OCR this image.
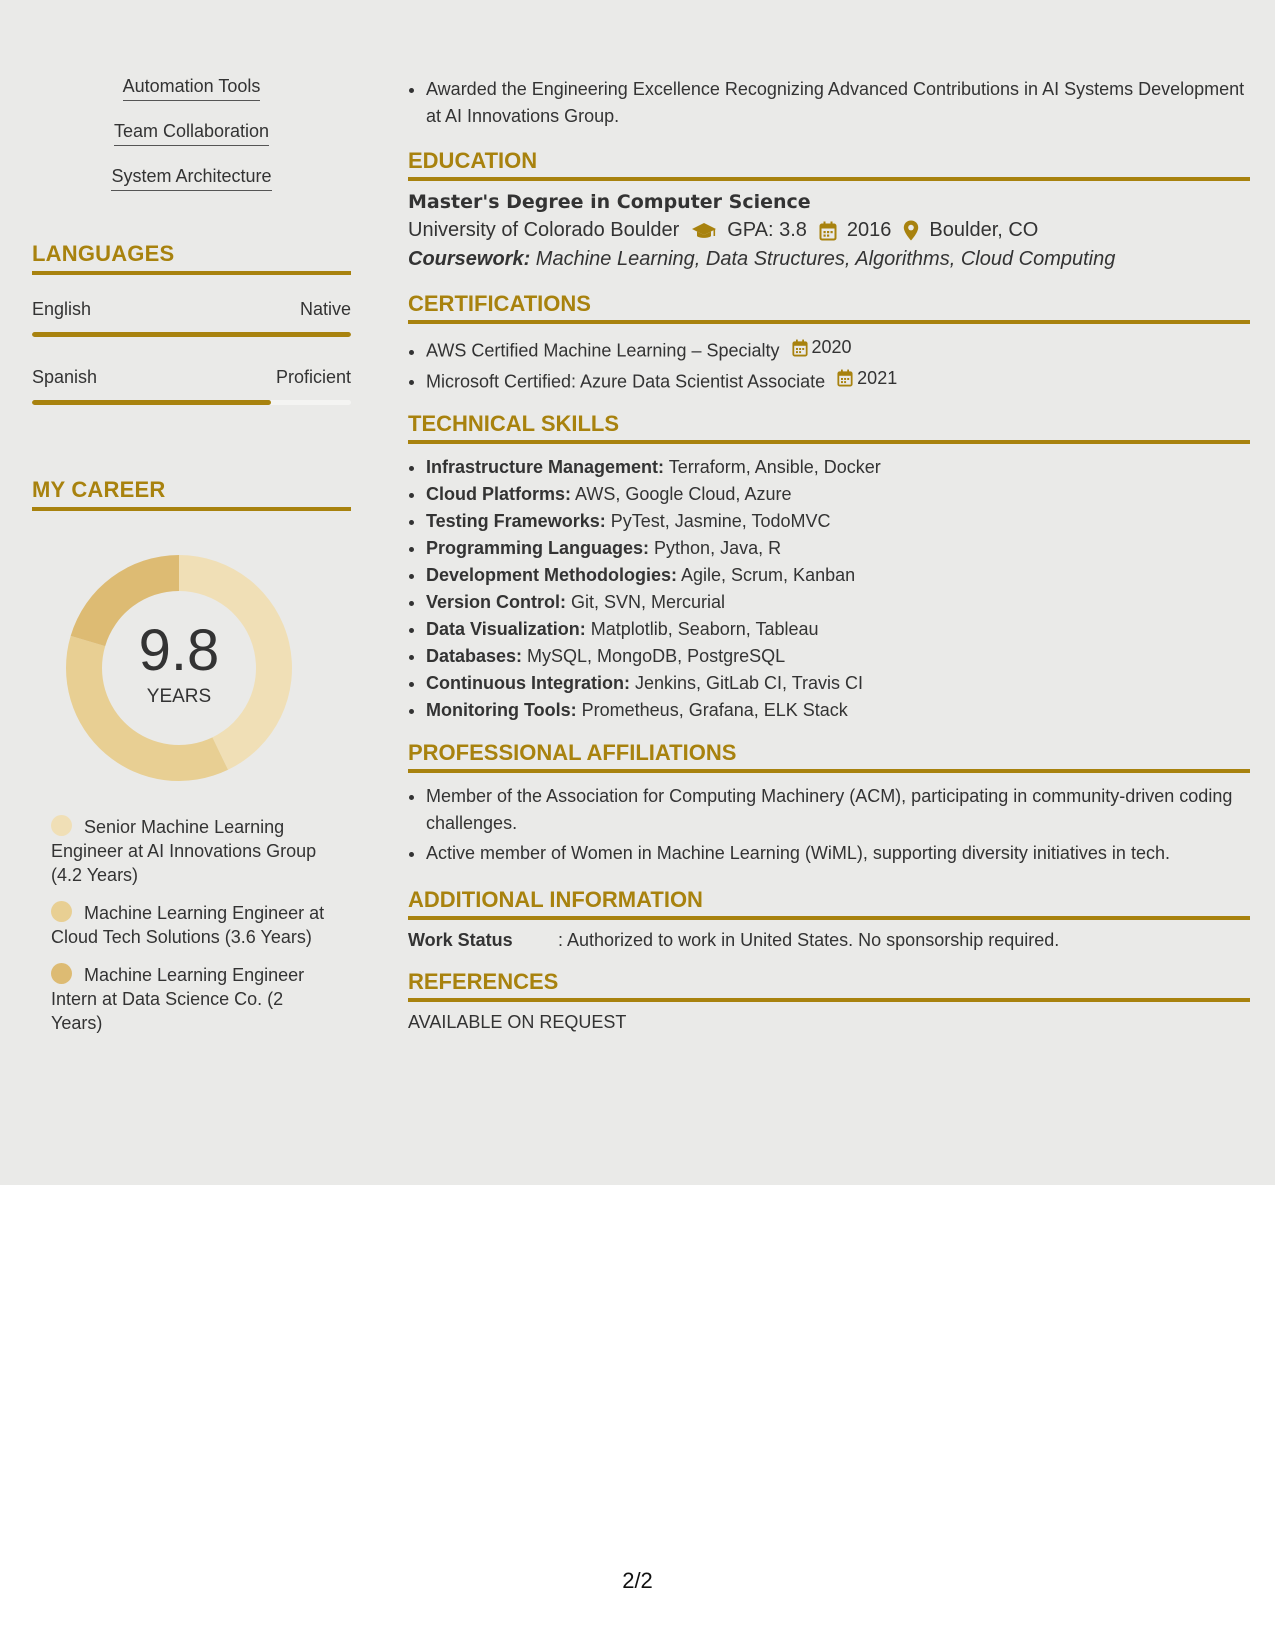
Automation Tools
Team Collaboration
System Architecture
LANGUAGES
English	Native
Spanish	Proficient
MY CAREER
9.8
YEARS
Senior Machine Learning Engineer at AI Innovations Group (4.2 Years)
Machine Learning Engineer at Cloud Tech Solutions (3.6 Years)
Machine Learning Engineer Intern at Data Science Co. (2 Years)
• Awarded the Engineering Excellence Recognizing Advanced Contributions in AI Systems Development at AI Innovations Group.
EDUCATION
Master's Degree in Computer Science
University of Colorado Boulder GPA: 3.8 2016 Boulder, CO
Coursework: Machine Learning, Data Structures, Algorithms, Cloud Computing
CERTIFICATIONS
• AWS Certified Machine Learning – Specialty 2020
• Microsoft Certified: Azure Data Scientist Associate 2021
TECHNICAL SKILLS
• Infrastructure Management: Terraform, Ansible, Docker
• Cloud Platforms: AWS, Google Cloud, Azure
• Testing Frameworks: PyTest, Jasmine, TodoMVC
• Programming Languages: Python, Java, R
• Development Methodologies: Agile, Scrum, Kanban
• Version Control: Git, SVN, Mercurial
• Data Visualization: Matplotlib, Seaborn, Tableau
• Databases: MySQL, MongoDB, PostgreSQL
• Continuous Integration: Jenkins, GitLab CI, Travis CI
• Monitoring Tools: Prometheus, Grafana, ELK Stack
PROFESSIONAL AFFILIATIONS
• Member of the Association for Computing Machinery (ACM), participating in community-driven coding challenges.
• Active member of Women in Machine Learning (WiML), supporting diversity initiatives in tech.
ADDITIONAL INFORMATION
Work Status	: Authorized to work in United States. No sponsorship required.
REFERENCES
AVAILABLE ON REQUEST
2/2
